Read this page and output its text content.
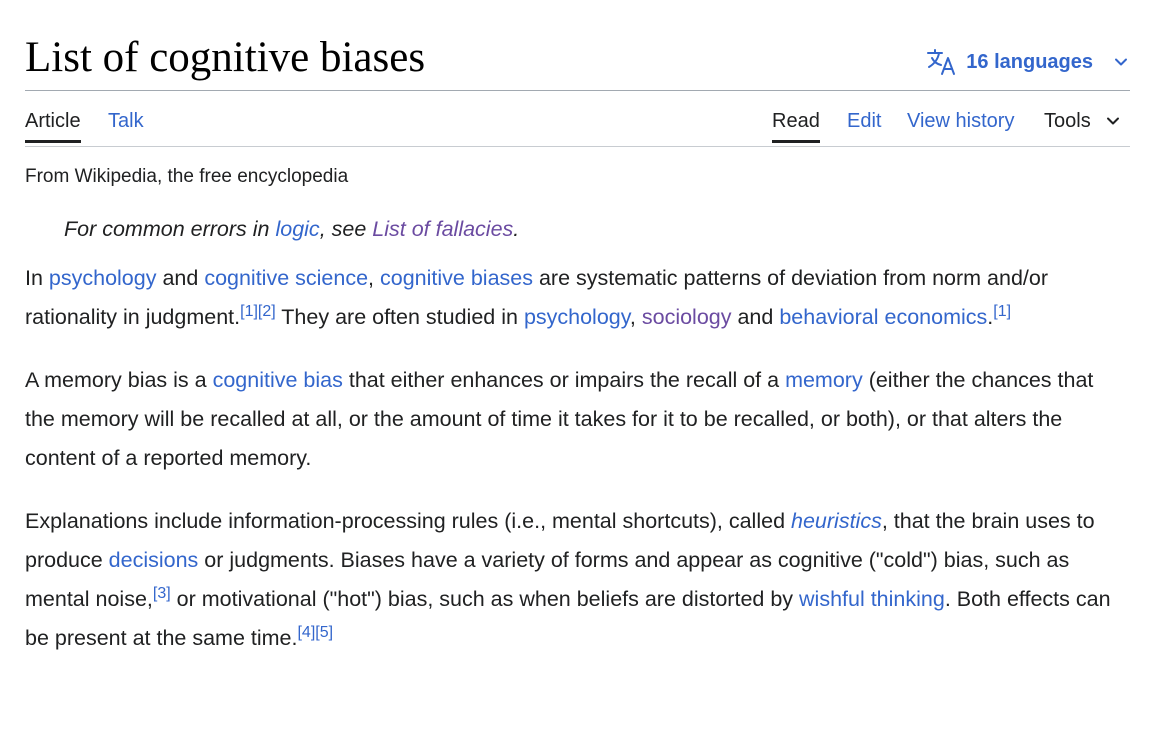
List of cognitive biases	16 languages
Article Talk	Read Edit View history Tools
From Wikipedia, the free encyclopedia
For common errors in logic, see List of fallacies.

In psychology and cognitive science, cognitive biases are systematic patterns of deviation from norm and/or rationality in judgment.[1][2] They are often studied in psychology, sociology and behavioral economics.[1]

A memory bias is a cognitive bias that either enhances or impairs the recall of a memory (either the chances that the memory will be recalled at all, or the amount of time it takes for it to be recalled, or both), or that alters the content of a reported memory.

Explanations include information-processing rules (i.e., mental shortcuts), called heuristics, that the brain uses to produce decisions or judgments. Biases have a variety of forms and appear as cognitive ("cold") bias, such as mental noise,[3] or motivational ("hot") bias, such as when beliefs are distorted by wishful thinking. Both effects can be present at the same time.[4][5]
